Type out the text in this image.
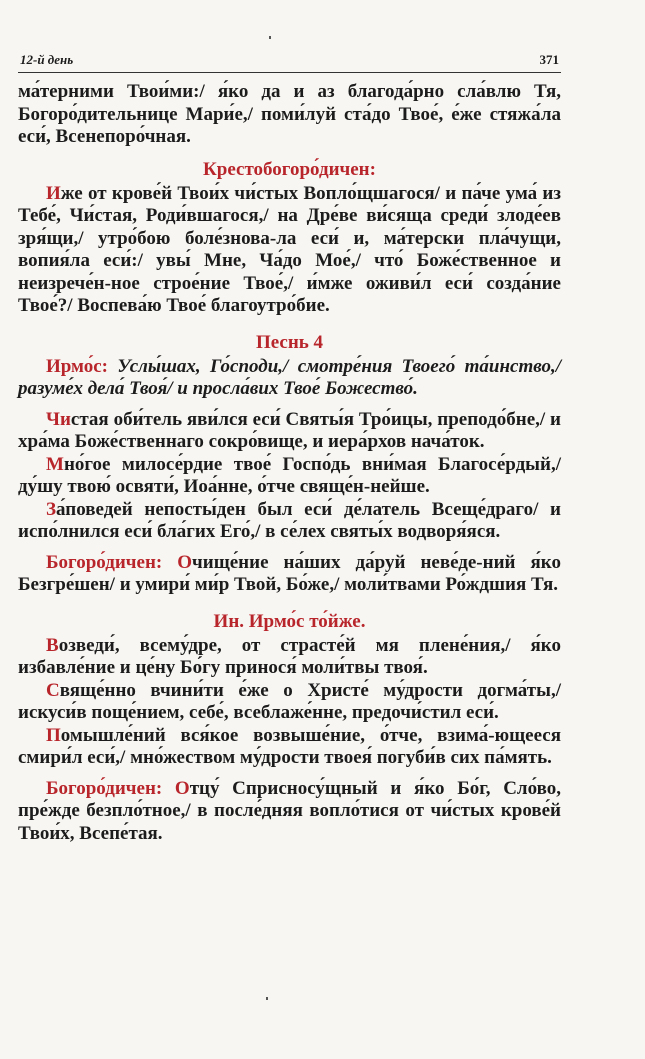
12-й день	371

ма́терними Твои́ми:/ я́ко да и аз благода́рно сла́влю Тя, Богоро́дительнице Мари́е,/ поми́луй ста́до Твое́, е́же стяжа́ла еси́, Всенепоро́чная.

Крестобогоро́дичен:

Иже от крове́й Твои́х чи́стых Вопло́щшагося/ и па́че ума́ из Тебе́, Чи́стая, Роди́вшагося,/ на Дре́ве ви́сяща среди́ злоде́ев зря́щи,/ утро́бою боле́знова-ла еси́ и, ма́терски пла́чущи, вопия́ла еси́:/ увы́ Мне, Ча́до Мое́,/ что́ Боже́ственное и неизрече́н-ное строе́ние Твое́,/ и́мже оживи́л еси́ созда́ние Твое́?/ Воспева́ю Твое́ благоутро́бие.

Песнь 4

Ирмо́с: Услы́шах, Го́споди,/ смотре́ния Твоего́ та́инство,/ разуме́х дела́ Твоя́/ и просла́вих Твое́ Божество́.

Чистая оби́тель яви́лся еси́ Святы́я Тро́ицы, преподо́бне,/ и хра́ма Боже́ственнаго сокро́вище, и иера́рхов нача́ток.

Мно́гое милосе́рдие твое́ Госпо́дь вни́мая Благосе́рдый,/ ду́шу твою́ освяти́, Иоа́нне, о́тче свяще́н-нейше.

За́поведей непосты́ден был еси́ де́латель Всеще́драго/ и испо́лнился еси́ бла́гих Его́,/ в се́лех святы́х водворя́яся.

Богоро́дичен: Очище́ние на́ших да́руй неве́де-ний я́ко Безгре́шен/ и умири́ ми́р Твой, Бо́же,/ моли́твами Ро́ждшия Тя.

Ин. Ирмо́с то́йже.

Возведи́, всему́дре, от страсте́й мя плене́ния,/ я́ко избавле́ние и це́ну Бо́гу принося́ моли́твы твоя́.

Свяще́нно вчини́ти е́же о Христе́ му́дрости догма́ты,/ искуси́в поще́нием, себе́, всеблаже́нне, предочи́стил еси́.

Помышле́ний вся́кое возвыше́ние, о́тче, взима́-ющееся смири́л еси́,/ мно́жеством му́дрости твоея́ погуби́в сих па́мять.

Богоро́дичен: Отцу́ Сприсносу́щный и я́ко Бо́г, Сло́во, пре́жде безпло́тное,/ в после́дняя вопло́тися от чи́стых крове́й Твои́х, Всепе́тая.
